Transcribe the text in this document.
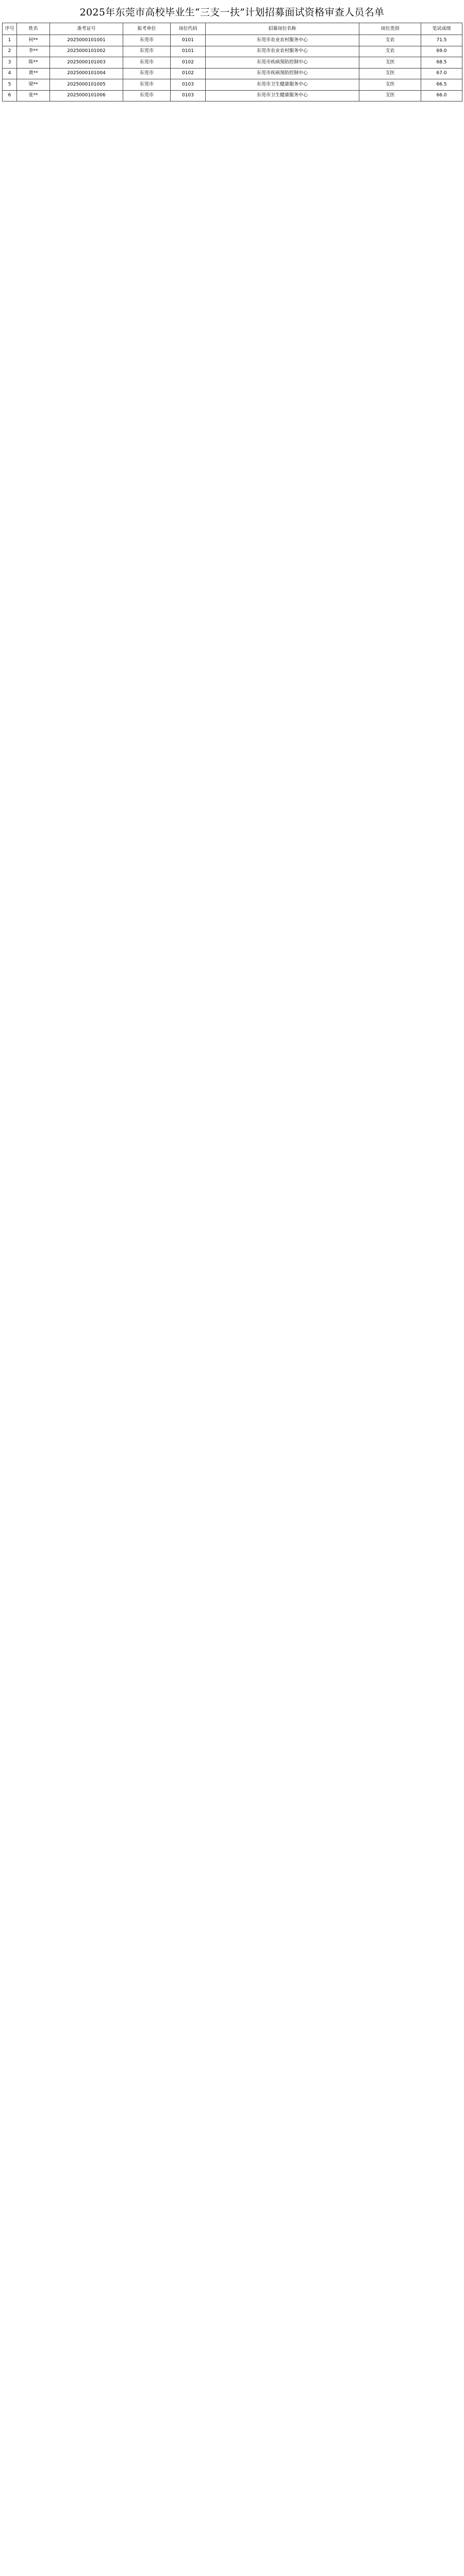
2025年东莞市高校毕业生“三支一扶”计划招募面试资格审查人员名单
序号	姓名	准考证号	报考单位	岗位代码	招募岗位名称	岗位类别	笔试成绩
1	何**	2025000101001	东莞市	0101	东莞市农业农村服务中心	支农	71.5
2	李**	2025000101002	东莞市	0101	东莞市农业农村服务中心	支农	69.0
3	陈**	2025000101003	东莞市	0102	东莞市疾病预防控制中心	支医	68.5
4	黄**	2025000101004	东莞市	0102	东莞市疾病预防控制中心	支医	67.0
5	梁**	2025000101005	东莞市	0103	东莞市卫生健康服务中心	支医	66.5
6	张**	2025000101006	东莞市	0103	东莞市卫生健康服务中心	支医	66.0
